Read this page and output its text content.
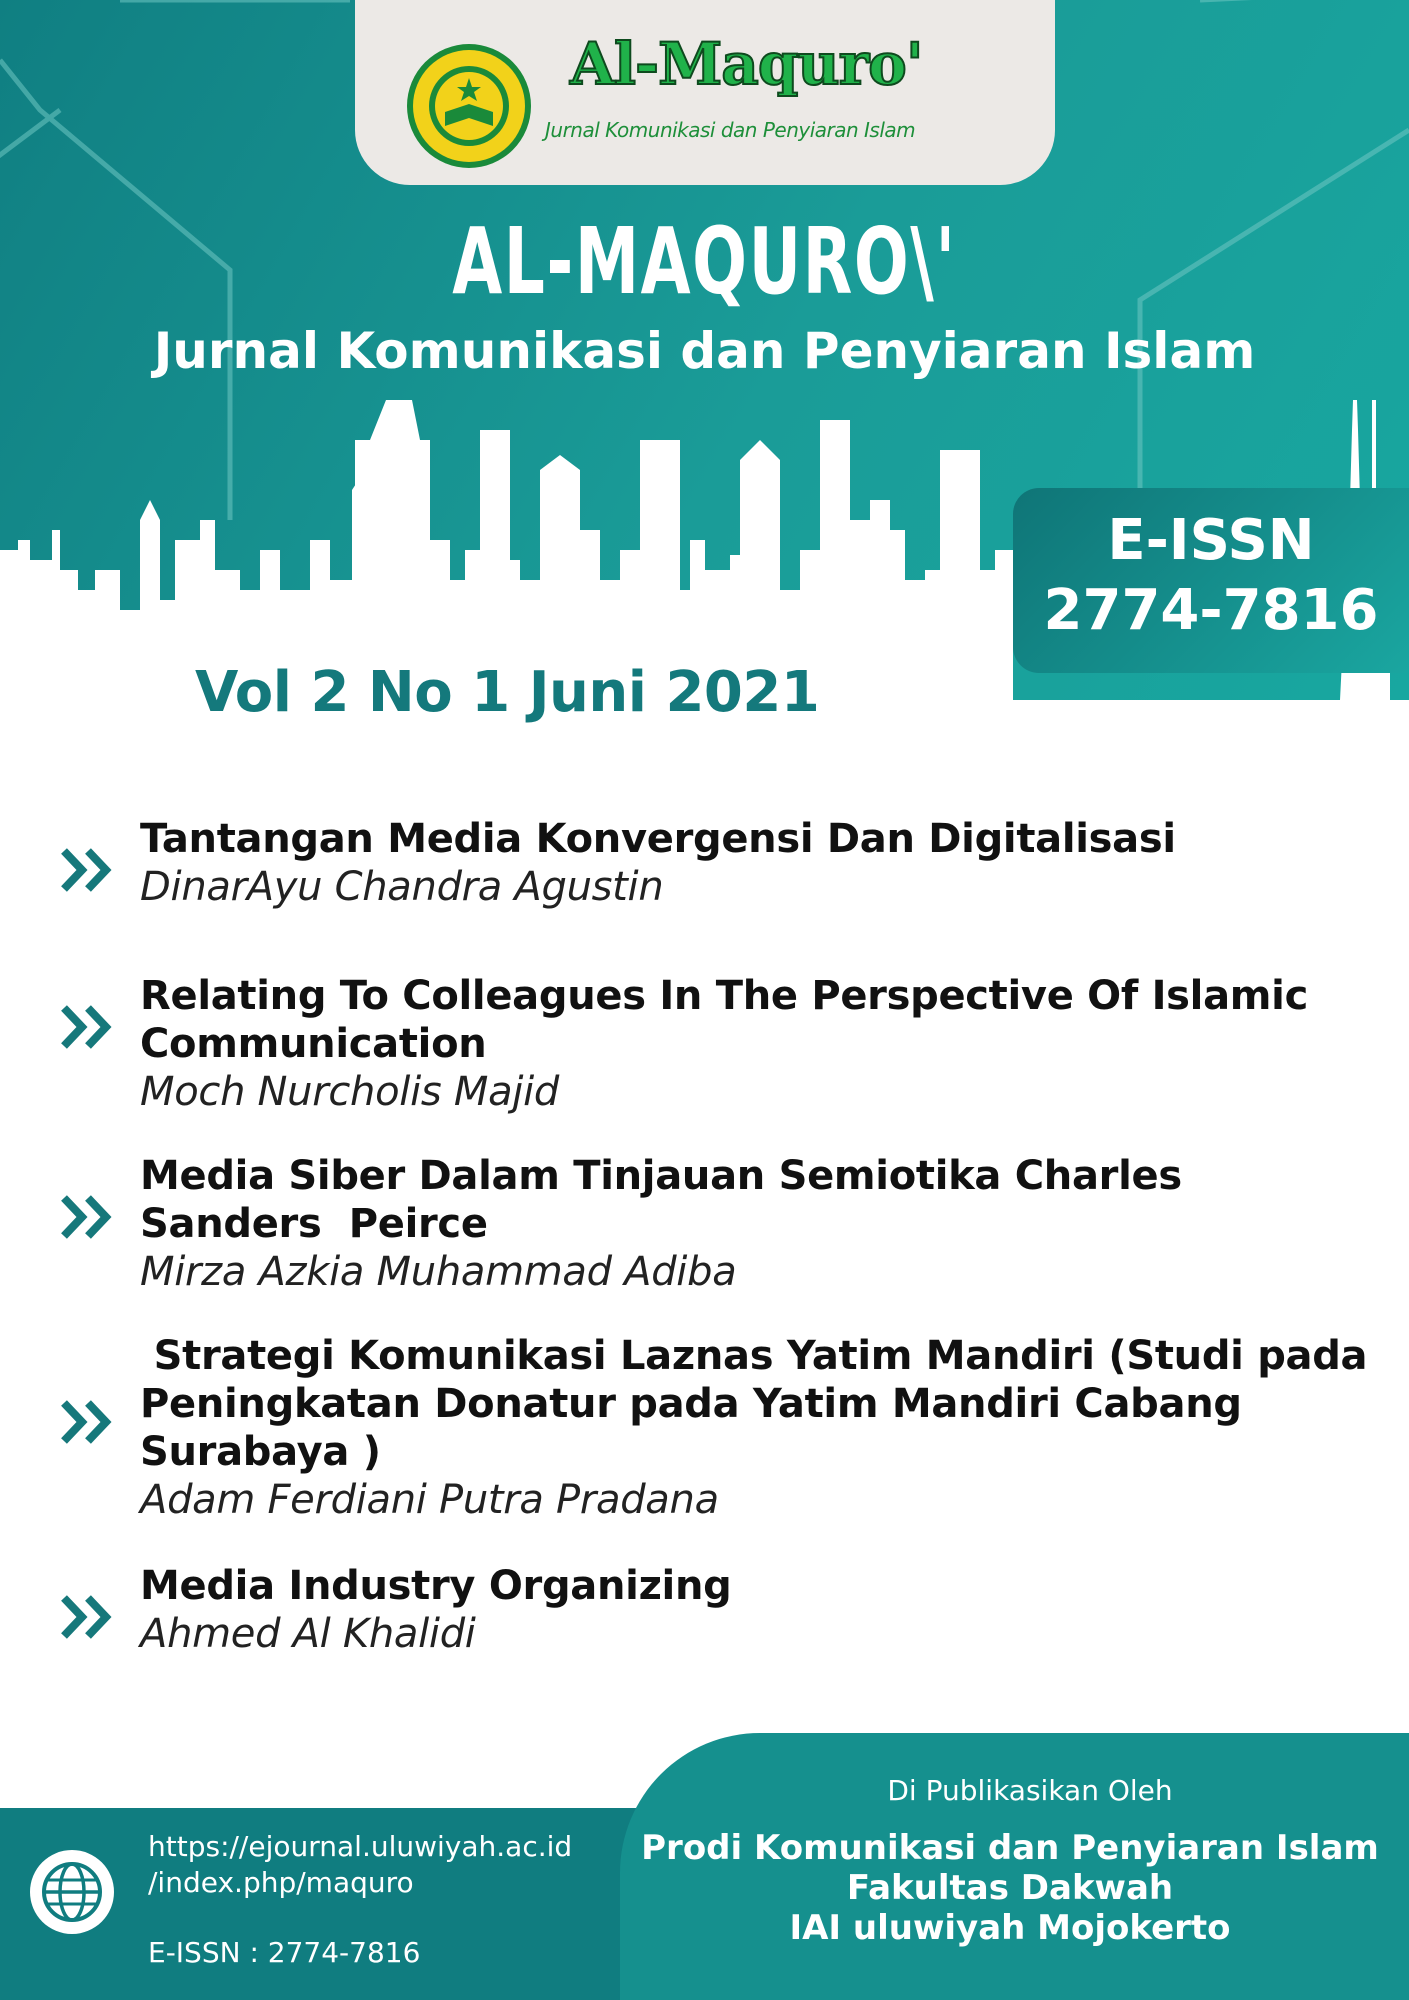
Al-Maquro'
Jurnal Komunikasi dan Penyiaran Islam
AL-MAQURO\'
Jurnal Komunikasi dan Penyiaran Islam
E-ISSN
2774-7816
Vol 2 No 1 Juni 2021
Tantangan Media Konvergensi Dan Digitalisasi
DinarAyu Chandra Agustin
Relating To Colleagues In The Perspective Of Islamic
Communication
Moch Nurcholis Majid
Media Siber Dalam Tinjauan Semiotika Charles
Sanders  Peirce
Mirza Azkia Muhammad Adiba
Strategi Komunikasi Laznas Yatim Mandiri (Studi pada
Peningkatan Donatur pada Yatim Mandiri Cabang
Surabaya )
Adam Ferdiani Putra Pradana
Media Industry Organizing
Ahmed Al Khalidi
https://ejournal.uluwiyah.ac.id
/index.php/maquro
E-ISSN : 2774-7816
Di Publikasikan Oleh
Prodi Komunikasi dan Penyiaran Islam
Fakultas Dakwah
IAI uluwiyah Mojokerto
